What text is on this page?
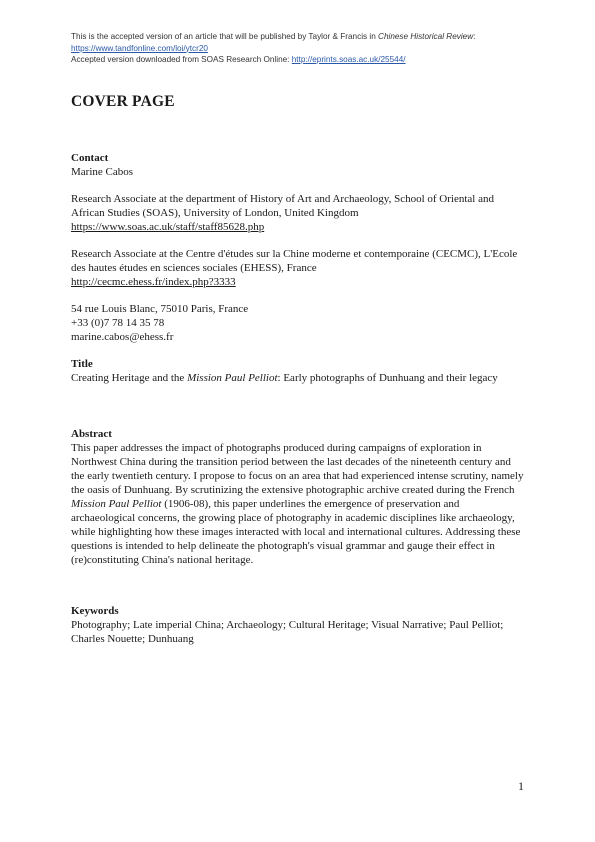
This is the accepted version of an article that will be published by Taylor & Francis in Chinese Historical Review:
https://www.tandfonline.com/loi/ytcr20
Accepted version downloaded from SOAS Research Online: http://eprints.soas.ac.uk/25544/
COVER PAGE
Contact
Marine Cabos
Research Associate at the department of History of Art and Archaeology, School of Oriental and African Studies (SOAS), University of London, United Kingdom
https://www.soas.ac.uk/staff/staff85628.php
Research Associate at the Centre d'études sur la Chine moderne et contemporaine (CECMC), L'Ecole des hautes études en sciences sociales (EHESS), France
http://cecmc.ehess.fr/index.php?3333
54 rue Louis Blanc, 75010 Paris, France
+33 (0)7 78 14 35 78
marine.cabos@ehess.fr
Title
Creating Heritage and the Mission Paul Pelliot: Early photographs of Dunhuang and their legacy
Abstract
This paper addresses the impact of photographs produced during campaigns of exploration in Northwest China during the transition period between the last decades of the nineteenth century and the early twentieth century. I propose to focus on an area that had experienced intense scrutiny, namely the oasis of Dunhuang. By scrutinizing the extensive photographic archive created during the French Mission Paul Pelliot (1906-08), this paper underlines the emergence of preservation and archaeological concerns, the growing place of photography in academic disciplines like archaeology, while highlighting how these images interacted with local and international cultures. Addressing these questions is intended to help delineate the photograph's visual grammar and gauge their effect in (re)constituting China's national heritage.
Keywords
Photography; Late imperial China; Archaeology; Cultural Heritage; Visual Narrative; Paul Pelliot; Charles Nouette; Dunhuang
1
